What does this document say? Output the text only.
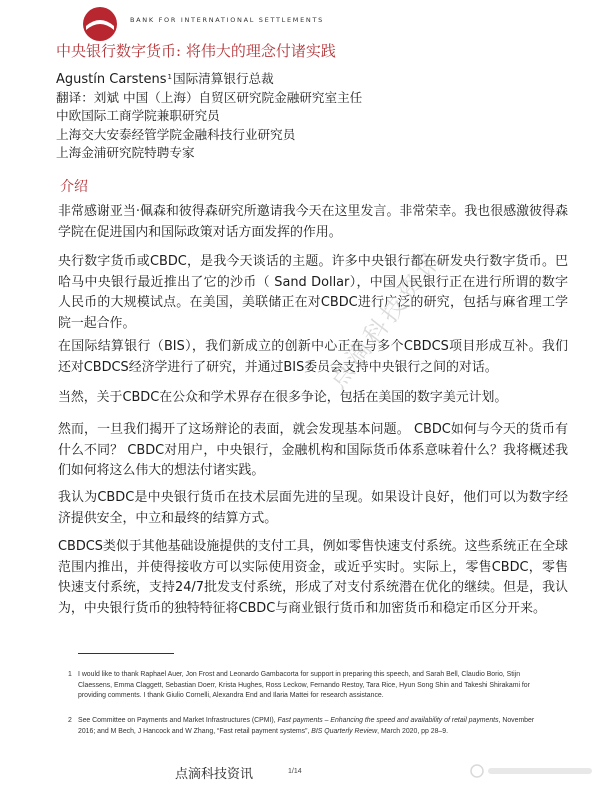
BANK FOR INTERNATIONAL SETTLEMENTS
中央银行数字货币: 将伟大的理念付诸实践
Agustín Carstens$^1$国际清算银行总裁
翻译：刘斌 中国（上海）自贸区研究院金融研究室主任
中欧国际工商学院兼职研究员
上海交大安泰经管学院金融科技行业研究员
上海金浦研究院特聘专家
介绍
非常感谢亚当·佩森和彼得森研究所邀请我今天在这里发言。非常荣幸。我也很感激彼得森学院在促进国内和国际政策对话方面发挥的作用。
央行数字货币或CBDC，是我今天谈话的主题。许多中央银行都在研发央行数字货币。巴哈马中央银行最近推出了它的沙币（ Sand Dollar），中国人民银行正在进行所谓的数字人民币的大规模试点。在美国，美联储正在对CBDC进行广泛的研究，包括与麻省理工学院一起合作。
在国际结算银行（BIS），我们新成立的创新中心正在与多个CBDCS项目形成互补。我们还对CBDCS经济学进行了研究，并通过BIS委员会支持中央银行之间的对话。
当然，关于CBDC在公众和学术界存在很多争论，包括在美国的数字美元计划。
然而，一旦我们揭开了这场辩论的表面，就会发现基本问题。 CBDC如何与今天的货币有什么不同？ CBDC对用户，中央银行，金融机构和国际货币体系意味着什么？我将概述我们如何将这么伟大的想法付诸实践。
我认为CBDC是中央银行货币在技术层面先进的呈现。如果设计良好，他们可以为数字经济提供安全，中立和最终的结算方式。
CBDCS类似于其他基础设施提供的支付工具，例如零售快速支付系统。这些系统正在全球范围内推出，并使得接收方可以实际使用资金，或近乎实时。实际上，零售CBDC，零售快速支付系统，支持24/7批发支付系统，形成了对支付系统潜在优化的继续。但是，我认为，中央银行货币的独特特征将CBDC与商业银行货币和加密货币和稳定币区分开来。
1 I would like to thank Raphael Auer, Jon Frost and Leonardo Gambacorta for support in preparing this speech, and Sarah Bell, Claudio Borio, Stijn Claessens, Emma Claggett, Sebastian Doerr, Krista Hughes, Ross Leckow, Fernando Restoy, Tara Rice, Hyun Song Shin and Takeshi Shirakami for providing comments. I thank Giulio Cornelli, Alexandra End and Ilaria Mattei for research assistance.
2 See Committee on Payments and Market Infrastructures (CPMI), Fast payments – Enhancing the speed and availability of retail payments, November 2016; and M Bech, J Hancock and W Zhang, “Fast retail payment systems”, BIS Quarterly Review, March 2020, pp 28–9.
点滴科技资讯
点滴科技资讯	1/14
